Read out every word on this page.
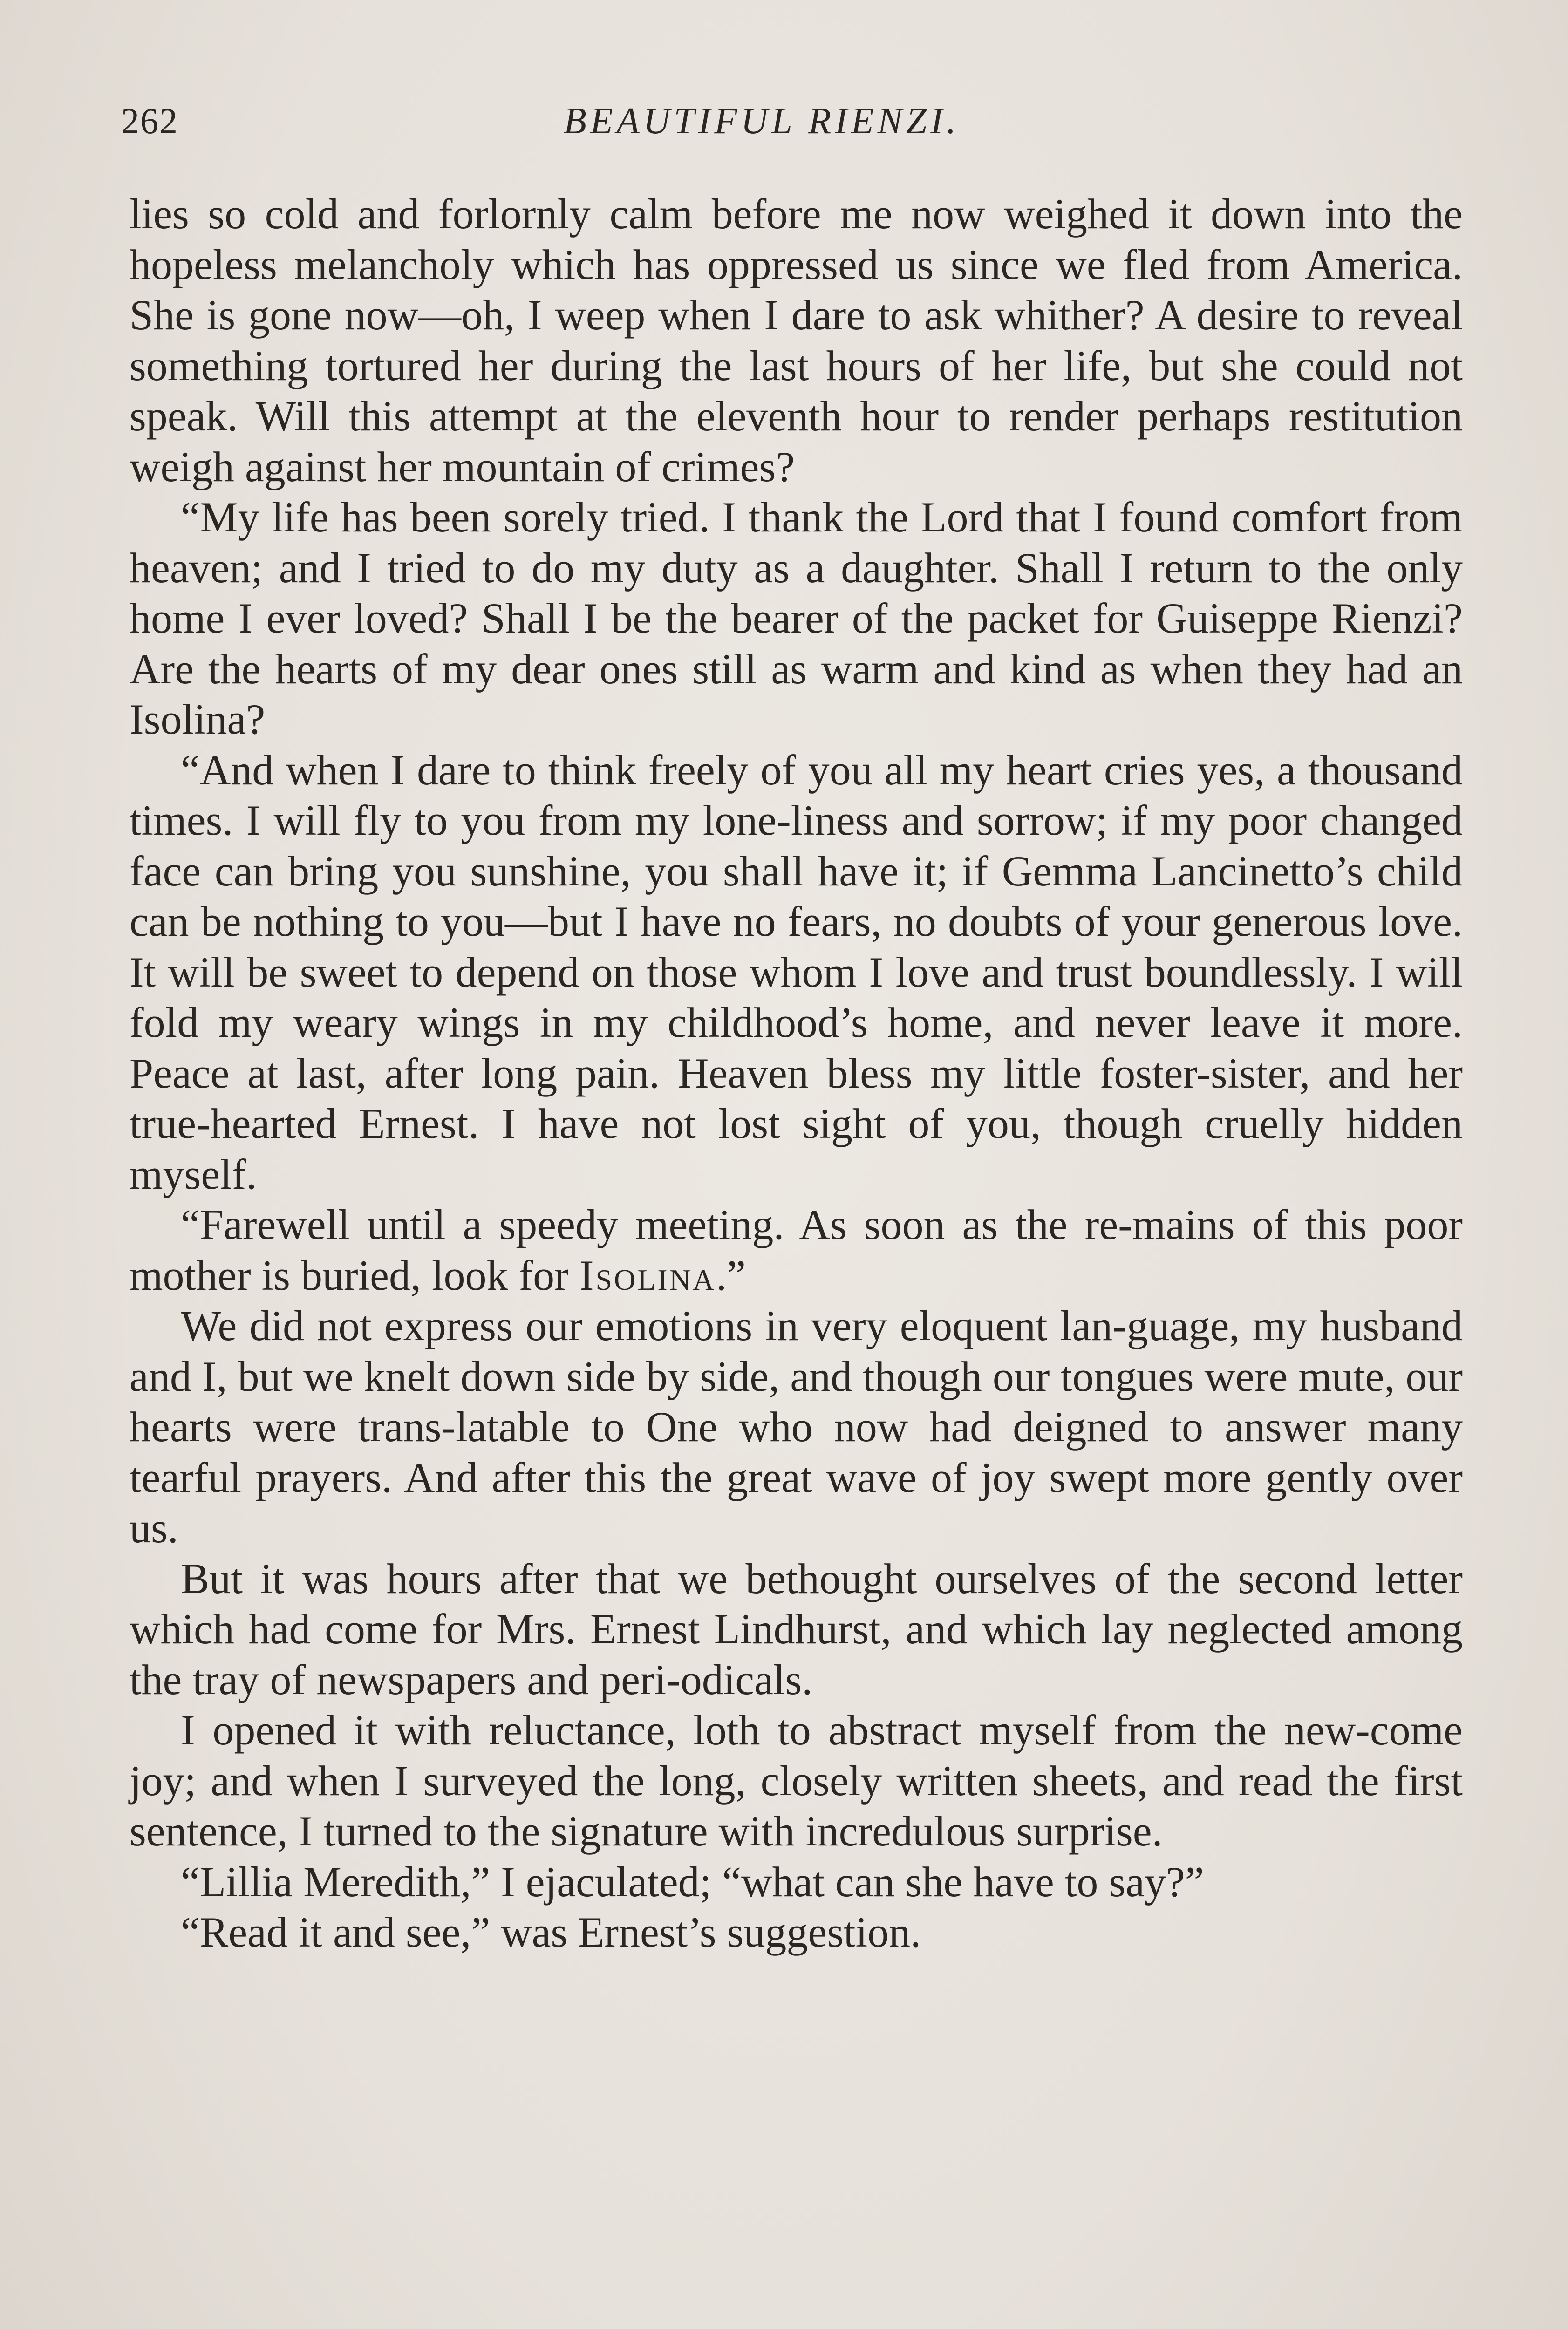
262	BEAUTIFUL RIENZI.

lies so cold and forlornly calm before me now weighed it down into the hopeless melancholy which has oppressed us since we fled from America. She is gone now—oh, I weep when I dare to ask whither? A desire to reveal something tortured her during the last hours of her life, but she could not speak. Will this attempt at the eleventh hour to render perhaps restitution weigh against her mountain of crimes?

“My life has been sorely tried. I thank the Lord that I found comfort from heaven; and I tried to do my duty as a daughter. Shall I return to the only home I ever loved? Shall I be the bearer of the packet for Guiseppe Rienzi? Are the hearts of my dear ones still as warm and kind as when they had an Isolina?

“And when I dare to think freely of you all my heart cries yes, a thousand times. I will fly to you from my lone-liness and sorrow; if my poor changed face can bring you sunshine, you shall have it; if Gemma Lancinetto’s child can be nothing to you—but I have no fears, no doubts of your generous love. It will be sweet to depend on those whom I love and trust boundlessly. I will fold my weary wings in my childhood’s home, and never leave it more. Peace at last, after long pain. Heaven bless my little foster-sister, and her true-hearted Ernest. I have not lost sight of you, though cruelly hidden myself.

“Farewell until a speedy meeting. As soon as the re-mains of this poor mother is buried, look for Isolina.”

We did not express our emotions in very eloquent lan-guage, my husband and I, but we knelt down side by side, and though our tongues were mute, our hearts were trans-latable to One who now had deigned to answer many tearful prayers. And after this the great wave of joy swept more gently over us.

But it was hours after that we bethought ourselves of the second letter which had come for Mrs. Ernest Lindhurst, and which lay neglected among the tray of newspapers and peri-odicals.

I opened it with reluctance, loth to abstract myself from the new-come joy; and when I surveyed the long, closely written sheets, and read the first sentence, I turned to the signature with incredulous surprise.

“Lillia Meredith,” I ejaculated; “what can she have to say?”

“Read it and see,” was Ernest’s suggestion.
